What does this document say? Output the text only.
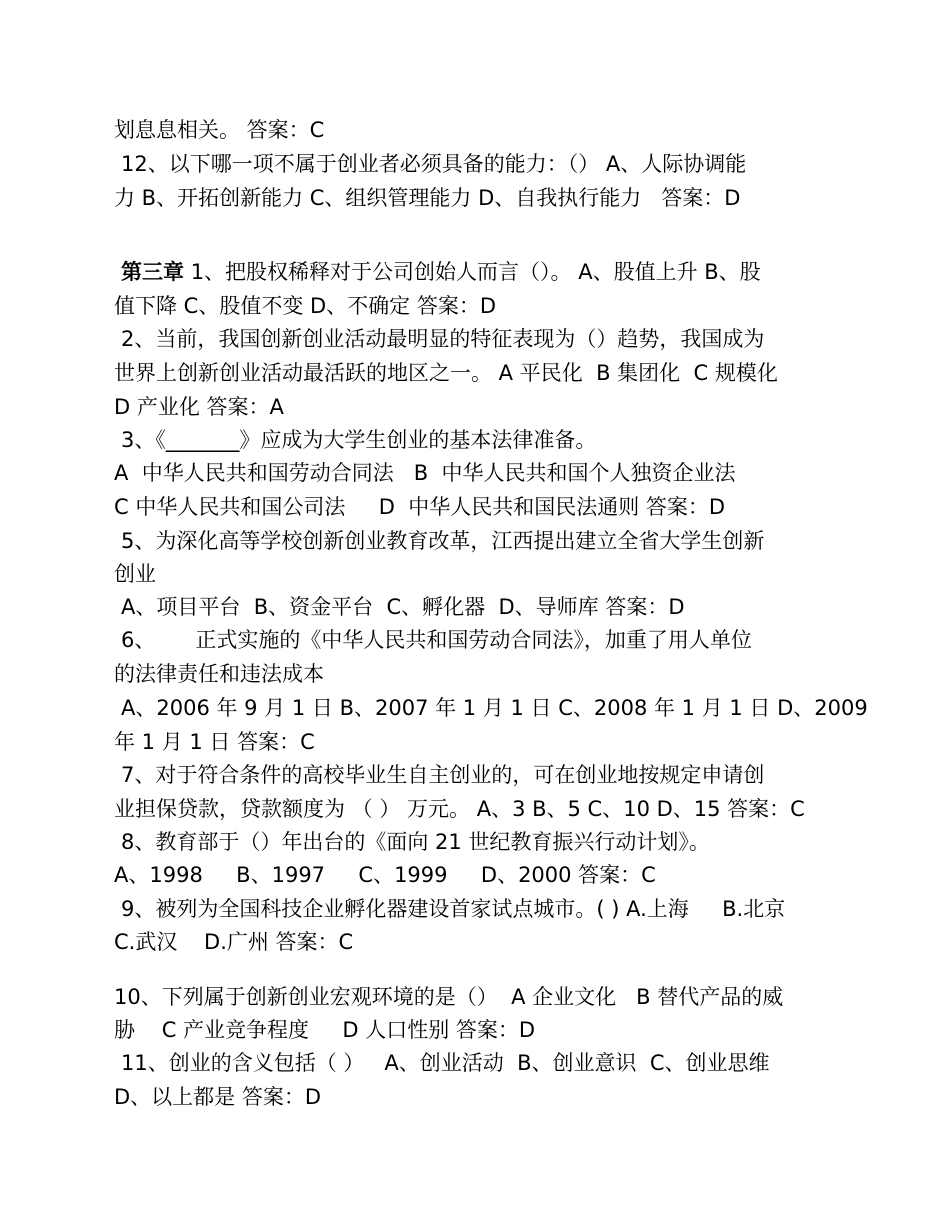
划息息相关。 答案：C
12、以下哪一项不属于创业者必须具备的能力：（） A、人际协调能
力 B、开拓创新能力 C、组织管理能力 D、自我执行能力   答案：D
第三章 1、把股权稀释对于公司创始人而言（）。 A、股值上升 B、股
值下降 C、股值不变 D、不确定 答案：D
2、当前，我国创新创业活动最明显的特征表现为（）趋势，我国成为
世界上创新创业活动最活跃的地区之一。 A 平民化  B 集团化  C 规模化
D 产业化 答案：A
3、《_______》应成为大学生创业的基本法律准备。
A  中华人民共和国劳动合同法   B  中华人民共和国个人独资企业法
C 中华人民共和国公司法     D  中华人民共和国民法通则 答案：D
5、为深化高等学校创新创业教育改革，江西提出建立全省大学生创新
创业
A、项目平台  B、资金平台  C、孵化器  D、导师库 答案：D
6、      正式实施的《中华人民共和国劳动合同法》，加重了用人单位
的法律责任和违法成本
A、2006 年 9 月 1 日 B、2007 年 1 月 1 日 C、2008 年 1 月 1 日 D、2009
年 1 月 1 日 答案：C
7、对于符合条件的高校毕业生自主创业的，可在创业地按规定申请创
业担保贷款，贷款额度为 （ ） 万元。 A、3 B、5 C、10 D、15 答案：C
8、教育部于（）年出台的《面向 21 世纪教育振兴行动计划》。
A、1998     B、1997     C、1999     D、2000 答案：C
9、被列为全国科技企业孵化器建设首家试点城市。( ) A.上海     B.北京
C.武汉    D.广州 答案：C
10、下列属于创新创业宏观环境的是（）  A 企业文化   B 替代产品的威
胁    C 产业竞争程度     D 人口性别 答案：D
11、创业的含义包括（ ）   A、创业活动  B、创业意识  C、创业思维
D、以上都是 答案：D
